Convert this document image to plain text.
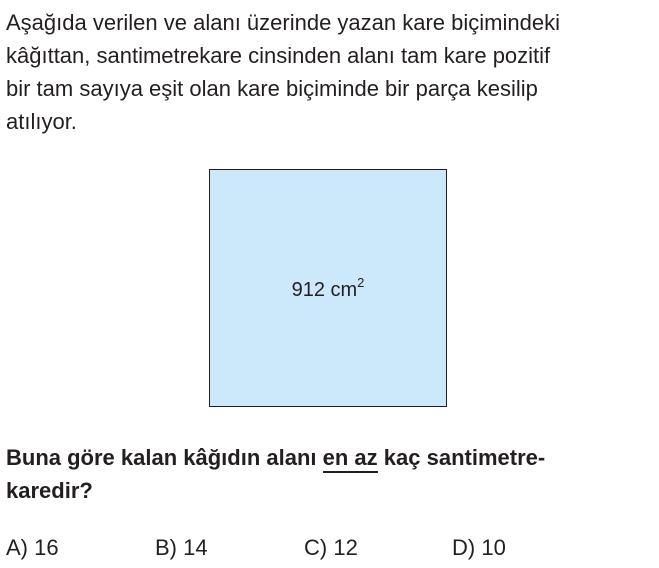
Aşağıda verilen ve alanı üzerinde yazan kare biçimindeki
kâğıttan, santimetrekare cinsinden alanı tam kare pozitif
bir tam sayıya eşit olan kare biçiminde bir parça kesilip
atılıyor.
912 $cm^2$
Buna göre kalan kâğıdın alanı en az kaç santimetre-
karedir?
A) 16	B) 14	C) 12	D) 10
